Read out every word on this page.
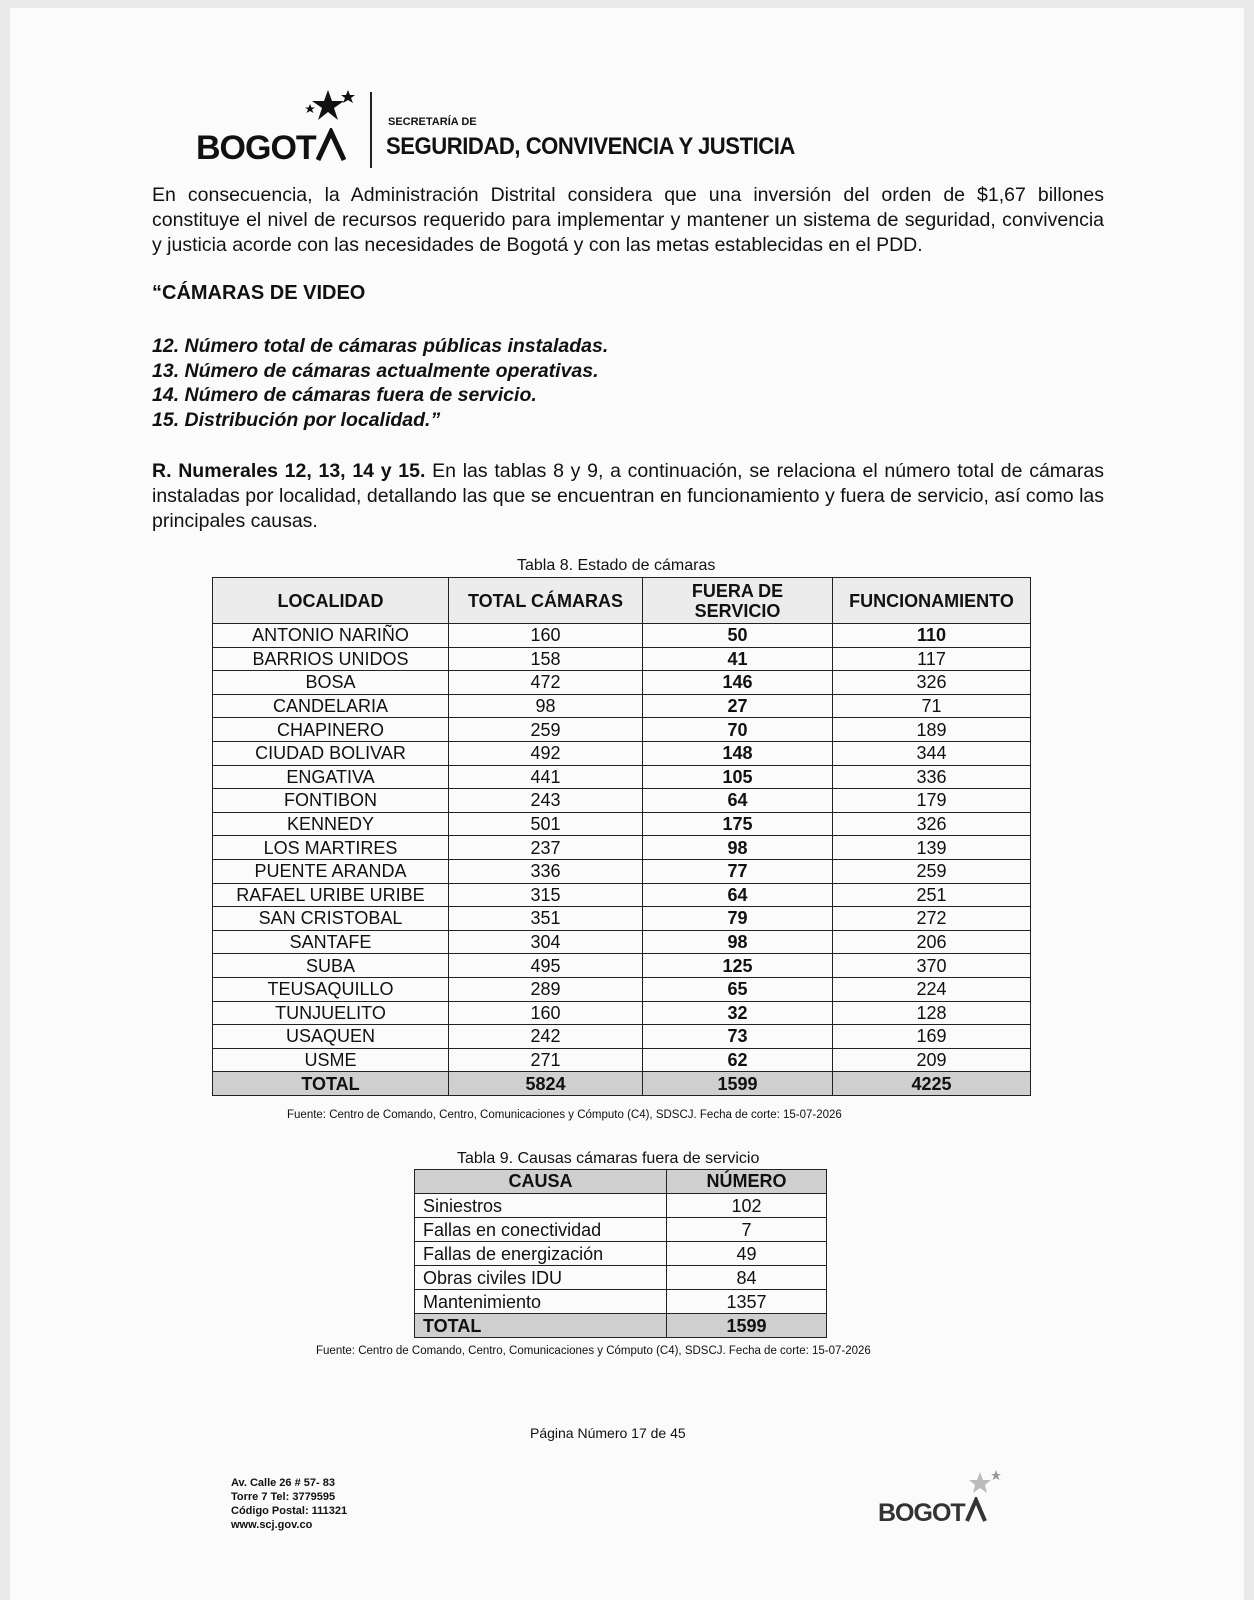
BOGOT
SECRETARÍA DE
SEGURIDAD, CONVIVENCIA Y JUSTICIA
En consecuencia, la Administración Distrital considera que una inversión del orden de $1,67 billones constituye el nivel de recursos requerido para implementar y mantener un sistema de seguridad, convivencia y justicia acorde con las necesidades de Bogotá y con las metas establecidas en el PDD.
“CÁMARAS DE VIDEO
12. Número total de cámaras públicas instaladas.
13. Número de cámaras actualmente operativas.
14. Número de cámaras fuera de servicio.
15. Distribución por localidad.”
R. Numerales 12, 13, 14 y 15. En las tablas 8 y 9, a continuación, se relaciona el número total de cámaras instaladas por localidad, detallando las que se encuentran en funcionamiento y fuera de servicio, así como las principales causas.
Tabla 8. Estado de cámaras
LOCALIDAD	TOTAL CÁMARAS	FUERA DE SERVICIO	FUNCIONAMIENTO
ANTONIO NARIÑO	160	50	110
BARRIOS UNIDOS	158	41	117
BOSA	472	146	326
CANDELARIA	98	27	71
CHAPINERO	259	70	189
CIUDAD BOLIVAR	492	148	344
ENGATIVA	441	105	336
FONTIBON	243	64	179
KENNEDY	501	175	326
LOS MARTIRES	237	98	139
PUENTE ARANDA	336	77	259
RAFAEL URIBE URIBE	315	64	251
SAN CRISTOBAL	351	79	272
SANTAFE	304	98	206
SUBA	495	125	370
TEUSAQUILLO	289	65	224
TUNJUELITO	160	32	128
USAQUEN	242	73	169
USME	271	62	209
TOTAL	5824	1599	4225
Fuente: Centro de Comando, Centro, Comunicaciones y Cómputo (C4), SDSCJ. Fecha de corte: 15-07-2026
Tabla 9. Causas cámaras fuera de servicio
CAUSA	NÚMERO
Siniestros	102
Fallas en conectividad	7
Fallas de energización	49
Obras civiles IDU	84
Mantenimiento	1357
TOTAL	1599
Fuente: Centro de Comando, Centro, Comunicaciones y Cómputo (C4), SDSCJ. Fecha de corte: 15-07-2026
Página Número 17 de 45
Av. Calle 26 # 57- 83
Torre 7 Tel: 3779595
Código Postal: 111321
www.scj.gov.co	BOGOT
